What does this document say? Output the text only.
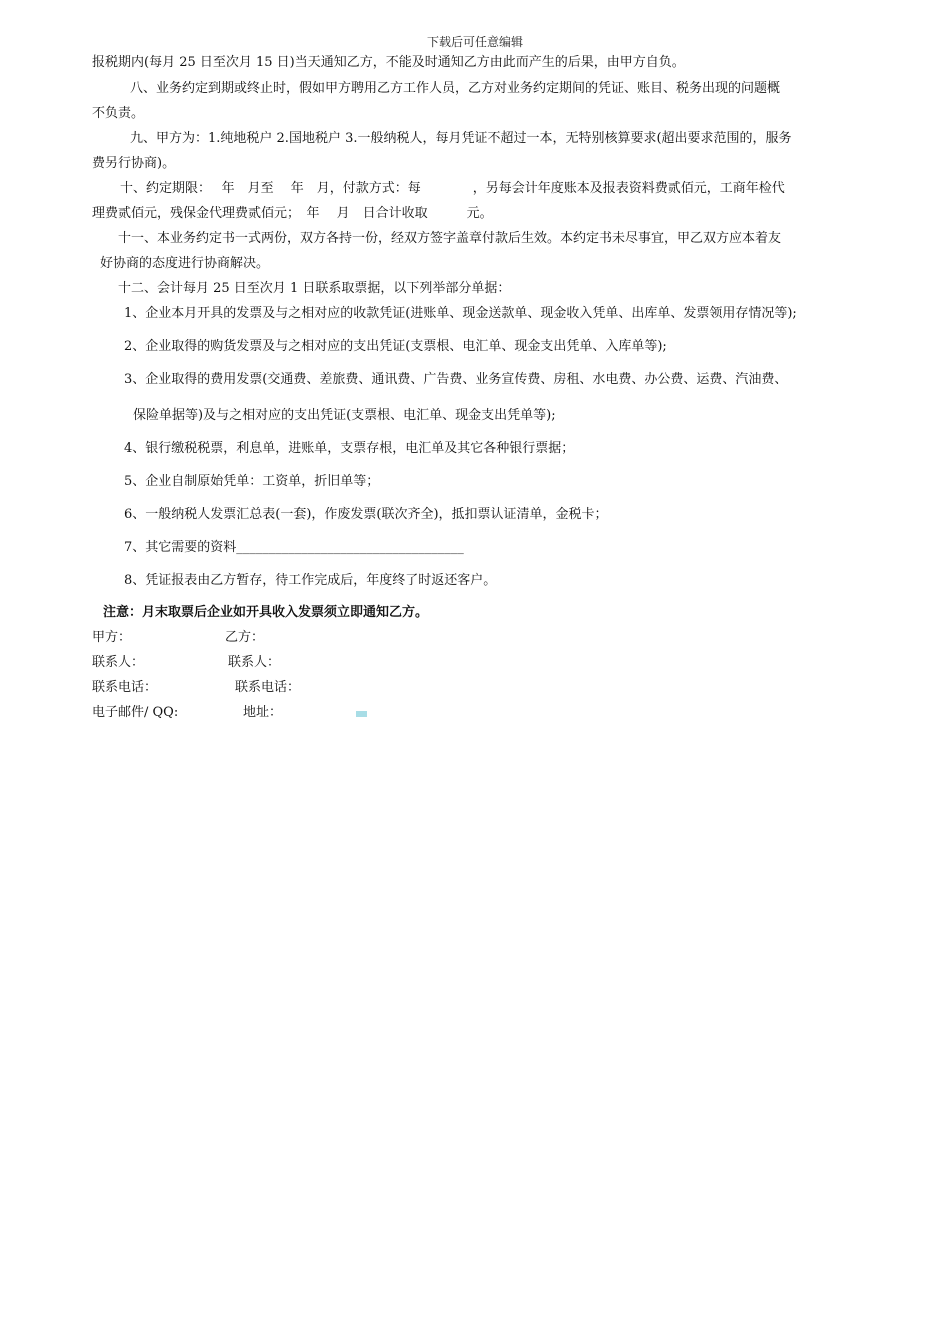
下载后可任意编辑
报税期内(每月 25 日至次月 15 日)当天通知乙方，不能及时通知乙方由此而产生的后果，由甲方自负。
八、业务约定到期或终止时，假如甲方聘用乙方工作人员，乙方对业务约定期间的凭证、账目、税务出现的问题概
不负责。
九、甲方为：1.纯地税户 2.国地税户 3.一般纳税人，每月凭证不超过一本，无特别核算要求(超出要求范围的，服务
费另行协商)。
十、约定期限：　 年　月至　 年　月，付款方式：每　　　　，另每会计年度账本及报表资料费贰佰元，工商年检代
理费贰佰元，残保金代理费贰佰元；　年　 月　日合计收取　　　元。
十一、本业务约定书一式两份，双方各持一份，经双方签字盖章付款后生效。本约定书未尽事宜，甲乙双方应本着友
好协商的态度进行协商解决。
十二、会计每月 25 日至次月 1 日联系取票据，以下列举部分单据：
1、企业本月开具的发票及与之相对应的收款凭证(进账单、现金送款单、现金收入凭单、出库单、发票领用存情况等);
2、企业取得的购货发票及与之相对应的支出凭证(支票根、电汇单、现金支出凭单、入库单等);
3、企业取得的费用发票(交通费、差旅费、通讯费、广告费、业务宣传费、房租、水电费、办公费、运费、汽油费、
保险单据等)及与之相对应的支出凭证(支票根、电汇单、现金支出凭单等);
4、银行缴税税票，利息单，进账单，支票存根，电汇单及其它各种银行票据；
5、企业自制原始凭单：工资单，折旧单等；
6、一般纳税人发票汇总表(一套)，作废发票(联次齐全)，抵扣票认证清单，金税卡；
7、其它需要的资料___________________________________
8、凭证报表由乙方暂存，待工作完成后，年度终了时返还客户。
注意：月末取票后企业如开具收入发票须立即通知乙方。
甲方：	乙方：
联系人：	联系人：
联系电话：	联系电话：
电子邮件/ QQ:	地址：
